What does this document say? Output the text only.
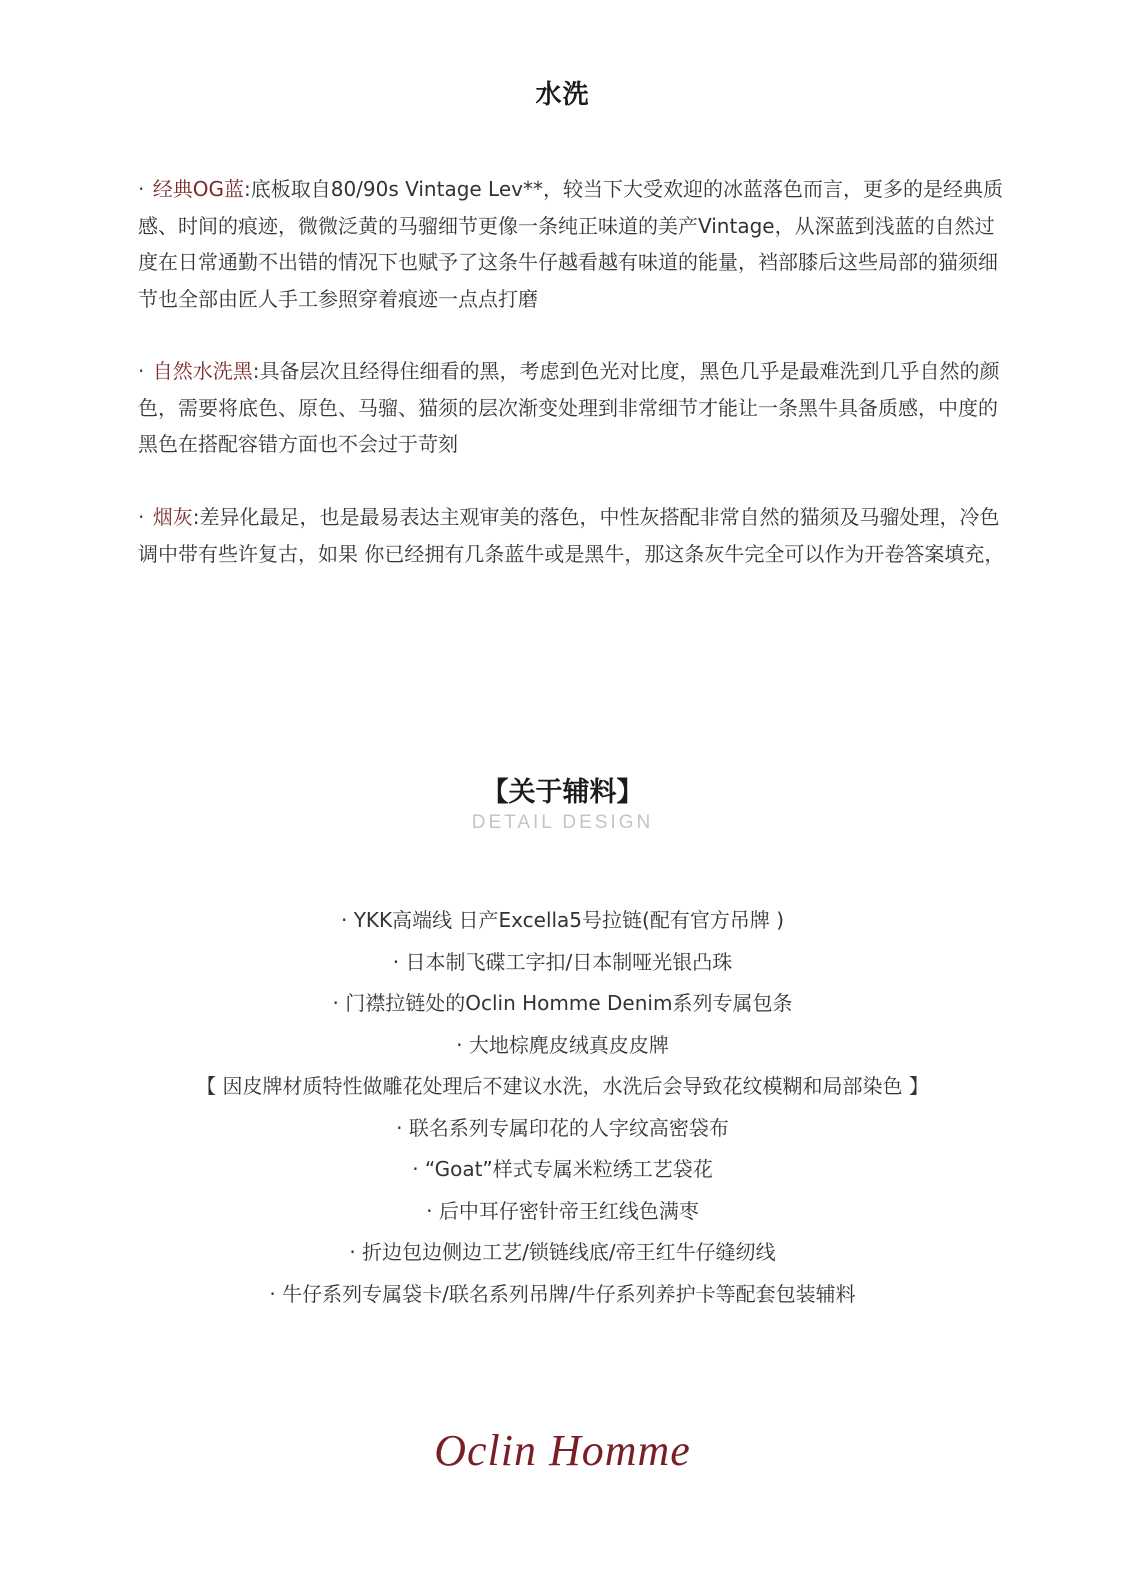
水洗
· 经典OG蓝:底板取自80/90s Vintage Lev**，较当下大受欢迎的冰蓝落色而言，更多的是经典质感、时间的痕迹，微微泛黄的马骝细节更像一条纯正味道的美产Vintage，从深蓝到浅蓝的自然过度在日常通勤不出错的情况下也赋予了这条牛仔越看越有味道的能量，裆部膝后这些局部的猫须细节也全部由匠人手工参照穿着痕迹一点点打磨
· 自然水洗黑:具备层次且经得住细看的黑，考虑到色光对比度，黑色几乎是最难洗到几乎自然的颜色，需要将底色、原色、马骝、猫须的层次渐变处理到非常细节才能让一条黑牛具备质感，中度的黑色在搭配容错方面也不会过于苛刻
· 烟灰:差异化最足，也是最易表达主观审美的落色，中性灰搭配非常自然的猫须及马骝处理，冷色调中带有些许复古，如果 你已经拥有几条蓝牛或是黑牛，那这条灰牛完全可以作为开卷答案填充，
【关于辅料】
DETAIL DESIGN
· YKK高端线 日产Excella5号拉链(配有官方吊牌 )
· 日本制飞碟工字扣/日本制哑光银凸珠
· 门襟拉链处的Oclin Homme Denim系列专属包条
· 大地棕麂皮绒真皮皮牌
【 因皮牌材质特性做雕花处理后不建议水洗，水洗后会导致花纹模糊和局部染色 】
· 联名系列专属印花的人字纹高密袋布
· “Goat”样式专属米粒绣工艺袋花
· 后中耳仔密针帝王红线色满枣
· 折边包边侧边工艺/锁链线底/帝王红牛仔缝纫线
· 牛仔系列专属袋卡/联名系列吊牌/牛仔系列养护卡等配套包装辅料
Oclin Homme
